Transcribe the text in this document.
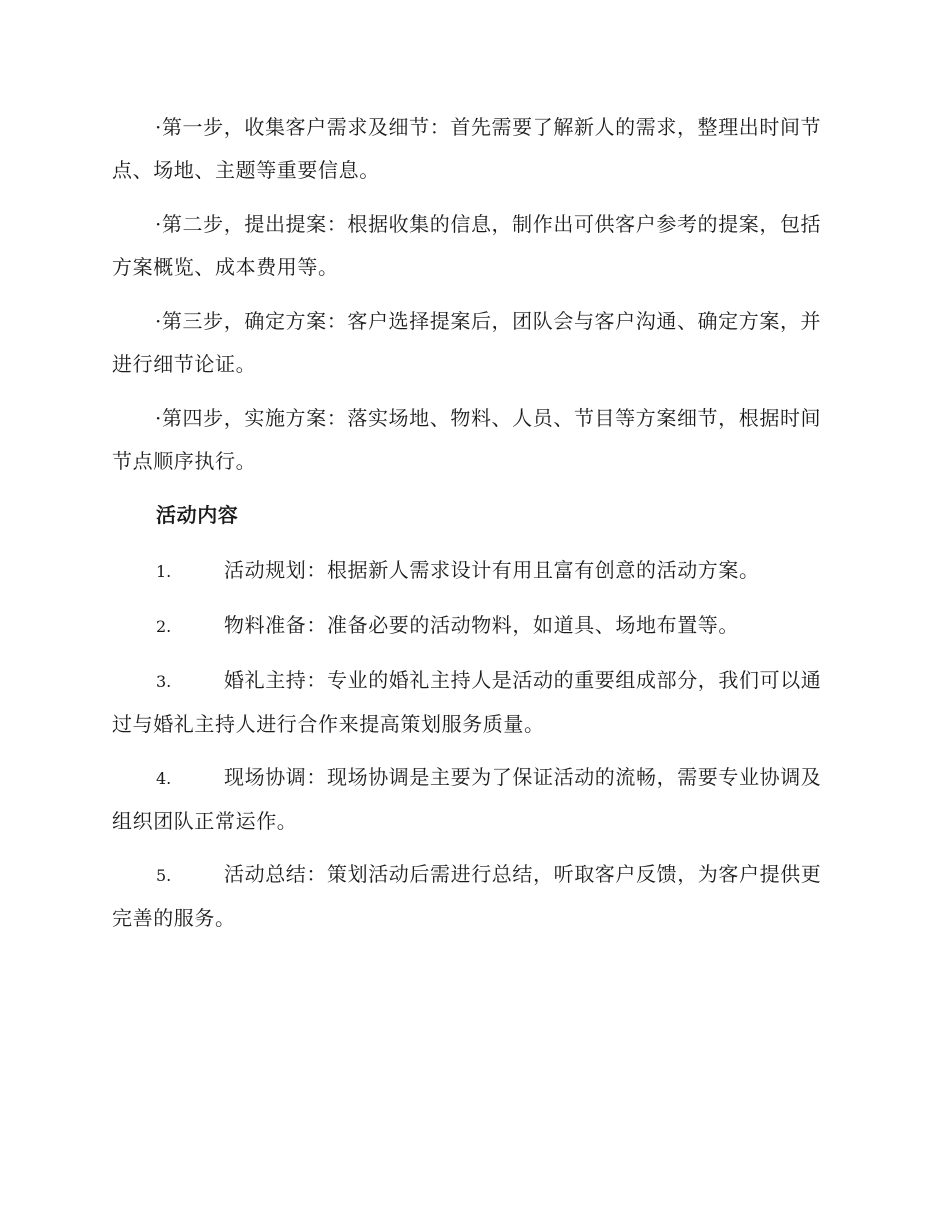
·第一步，收集客户需求及细节：首先需要了解新人的需求，整理出时间节点、场地、主题等重要信息。

·第二步，提出提案：根据收集的信息，制作出可供客户参考的提案，包括方案概览、成本费用等。

·第三步，确定方案：客户选择提案后，团队会与客户沟通、确定方案，并进行细节论证。

·第四步，实施方案：落实场地、物料、人员、节目等方案细节，根据时间节点顺序执行。

活动内容

1.	活动规划：根据新人需求设计有用且富有创意的活动方案。

2.	物料准备：准备必要的活动物料，如道具、场地布置等。

3.	婚礼主持：专业的婚礼主持人是活动的重要组成部分，我们可以通过与婚礼主持人进行合作来提高策划服务质量。

4.	现场协调：现场协调是主要为了保证活动的流畅，需要专业协调及组织团队正常运作。

5.	活动总结：策划活动后需进行总结，听取客户反馈，为客户提供更完善的服务。
